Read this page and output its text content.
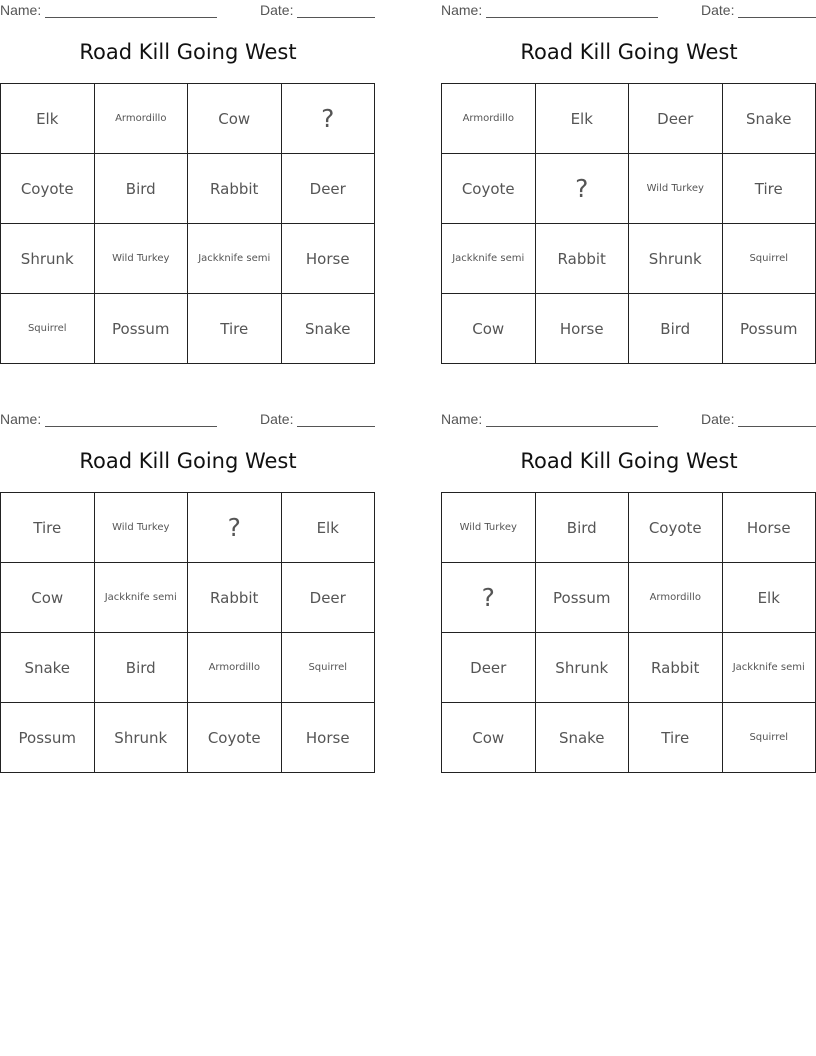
Name:	Date:
Road Kill Going West
Elk	Armordillo	Cow	?
Coyote	Bird	Rabbit	Deer
Shrunk	Wild Turkey	Jackknife semi	Horse
Squirrel	Possum	Tire	Snake
Name:	Date:
Road Kill Going West
Armordillo	Elk	Deer	Snake
Coyote	?	Wild Turkey	Tire
Jackknife semi	Rabbit	Shrunk	Squirrel
Cow	Horse	Bird	Possum
Name:	Date:
Road Kill Going West
Tire	Wild Turkey	?	Elk
Cow	Jackknife semi	Rabbit	Deer
Snake	Bird	Armordillo	Squirrel
Possum	Shrunk	Coyote	Horse
Name:	Date:
Road Kill Going West
Wild Turkey	Bird	Coyote	Horse
?	Possum	Armordillo	Elk
Deer	Shrunk	Rabbit	Jackknife semi
Cow	Snake	Tire	Squirrel
